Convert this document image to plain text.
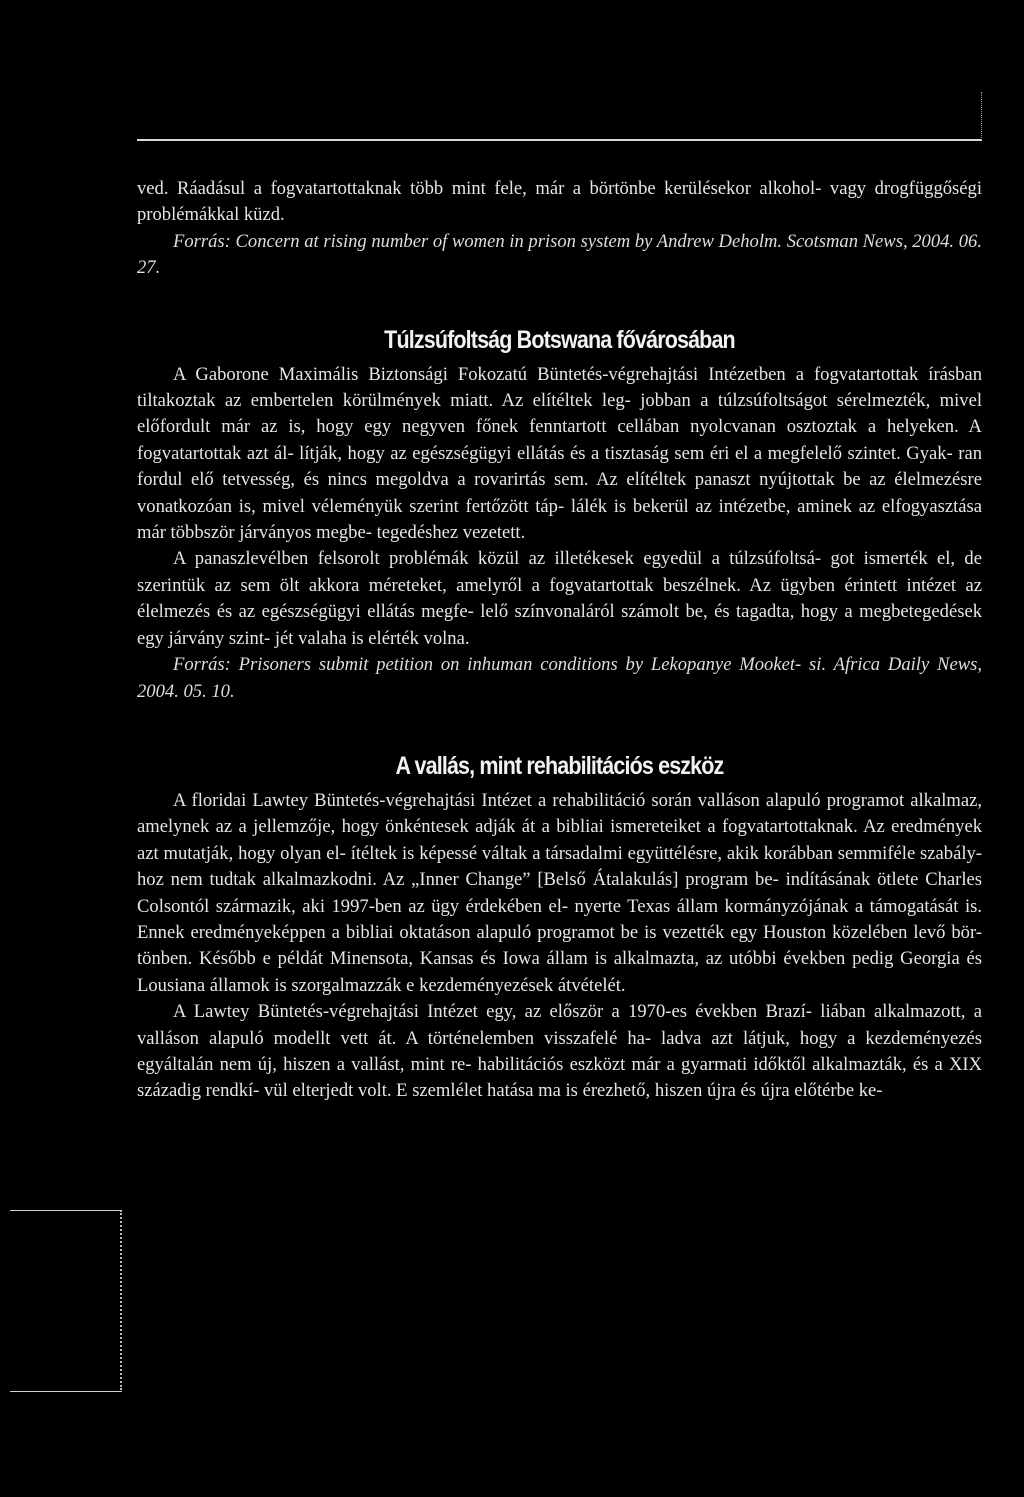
ved. Ráadásul a fogvatartottaknak több mint fele, már a börtönbe kerülésekor alkohol- vagy drogfüggőségi problémákkal küzd.

Forrás: Concern at rising number of women in prison system by Andrew Deholm. Scotsman News, 2004. 06. 27.

Túlzsúfoltság Botswana fővárosában

A Gaborone Maximális Biztonsági Fokozatú Büntetés-végrehajtási Intézetben a fogvatartottak írásban tiltakoztak az embertelen körülmények miatt. Az elítéltek leg- jobban a túlzsúfoltságot sérelmezték, mivel előfordult már az is, hogy egy negyven főnek fenntartott cellában nyolcvanan osztoztak a helyeken. A fogvatartottak azt ál- lítják, hogy az egészségügyi ellátás és a tisztaság sem éri el a megfelelő szintet. Gyak- ran fordul elő tetvesség, és nincs megoldva a rovarirtás sem. Az elítéltek panaszt nyújtottak be az élelmezésre vonatkozóan is, mivel véleményük szerint fertőzött táp- lálék is bekerül az intézetbe, aminek az elfogyasztása már többször járványos megbe- tegedéshez vezetett.

A panaszlevélben felsorolt problémák közül az illetékesek egyedül a túlzsúfoltsá- got ismerték el, de szerintük az sem ölt akkora méreteket, amelyről a fogvatartottak beszélnek. Az ügyben érintett intézet az élelmezés és az egészségügyi ellátás megfe- lelő színvonaláról számolt be, és tagadta, hogy a megbetegedések egy járvány szint- jét valaha is elérték volna.

Forrás: Prisoners submit petition on inhuman conditions by Lekopanye Mooket- si. Africa Daily News, 2004. 05. 10.

A vallás, mint rehabilitációs eszköz

A floridai Lawtey Büntetés-végrehajtási Intézet a rehabilitáció során valláson alapuló programot alkalmaz, amelynek az a jellemzője, hogy önkéntesek adják át a bibliai ismereteiket a fogvatartottaknak. Az eredmények azt mutatják, hogy olyan el- ítéltek is képessé váltak a társadalmi együttélésre, akik korábban semmiféle szabály- hoz nem tudtak alkalmazkodni. Az „Inner Change” [Belső Átalakulás] program be- indításának ötlete Charles Colsontól származik, aki 1997-ben az ügy érdekében el- nyerte Texas állam kormányzójának a támogatását is. Ennek eredményeképpen a bibliai oktatáson alapuló programot be is vezették egy Houston közelében levő bör- tönben. Később e példát Minensota, Kansas és Iowa állam is alkalmazta, az utóbbi években pedig Georgia és Lousiana államok is szorgalmazzák e kezdeményezések átvételét.

A Lawtey Büntetés-végrehajtási Intézet egy, az először a 1970-es években Brazí- liában alkalmazott, a valláson alapuló modellt vett át. A történelemben visszafelé ha- ladva azt látjuk, hogy a kezdeményezés egyáltalán nem új, hiszen a vallást, mint re- habilitációs eszközt már a gyarmati időktől alkalmazták, és a XIX századig rendkí- vül elterjedt volt. E szemlélet hatása ma is érezhető, hiszen újra és újra előtérbe ke-
